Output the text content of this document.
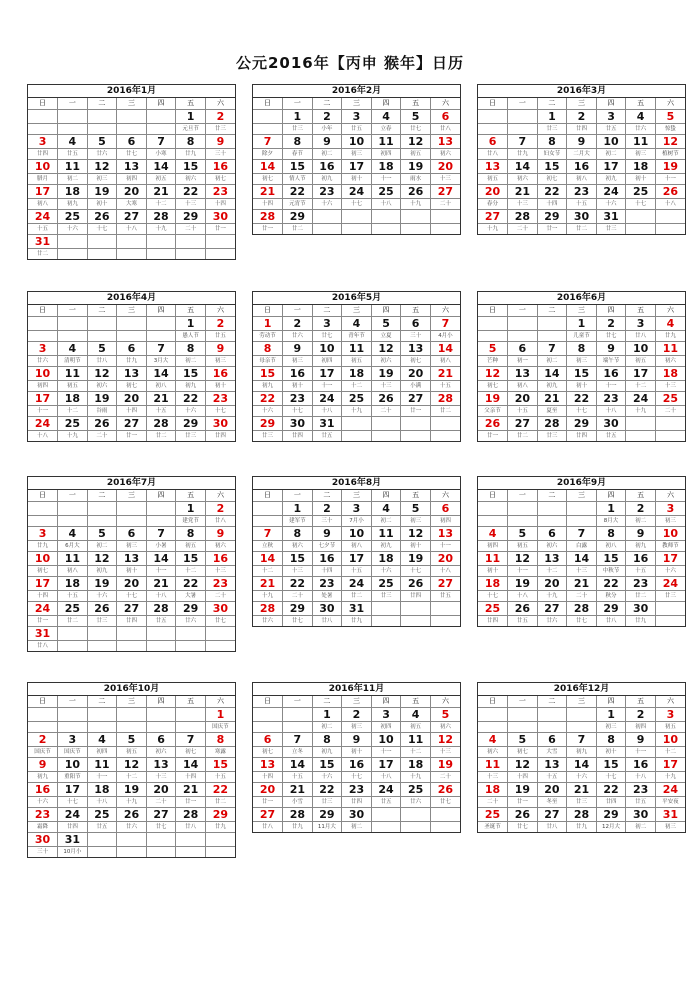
公元2016年【丙申 猴年】日历
2016年1月
日	一	二	三	四	五	六
					1	2
					元旦节	廿三
3	4	5	6	7	8	9
廿四	廿五	廿六	廿七	小寒	廿九	三十
10	11	12	13	14	15	16
腊月	初二	初三	初四	初五	初六	初七
17	18	19	20	21	22	23
初八	初九	初十	大寒	十二	十三	十四
24	25	26	27	28	29	30
十五	十六	十七	十八	十九	二十	廿一
31						
廿二						
2016年2月
日	一	二	三	四	五	六
	1	2	3	4	5	6
	廿三	小年	廿五	立春	廿七	廿八
7	8	9	10	11	12	13
除夕	春节	初二	初三	初四	初五	初六
14	15	16	17	18	19	20
初七	情人节	初九	初十	十一	雨水	十三
21	22	23	24	25	26	27
十四	元宵节	十六	十七	十八	十九	二十
28	29					
廿一	廿二					
2016年3月
日	一	二	三	四	五	六
		1	2	3	4	5
		廿三	廿四	廿五	廿六	惊蛰
6	7	8	9	10	11	12
廿八	廿九	妇女节	二月大	初二	初三	植树节
13	14	15	16	17	18	19
初五	初六	初七	初八	初九	初十	十一
20	21	22	23	24	25	26
春分	十三	十四	十五	十六	十七	十八
27	28	29	30	31		
十九	二十	廿一	廿二	廿三		
2016年4月
日	一	二	三	四	五	六
					1	2
					愚人节	廿五
3	4	5	6	7	8	9
廿六	清明节	廿八	廿九	3月大	初二	初三
10	11	12	13	14	15	16
初四	初五	初六	初七	初八	初九	初十
17	18	19	20	21	22	23
十一	十二	谷雨	十四	十五	十六	十七
24	25	26	27	28	29	30
十八	十九	二十	廿一	廿二	廿三	廿四
2016年5月
日	一	二	三	四	五	六
1	2	3	4	5	6	7
劳动节	廿六	廿七	青年节	立夏	三十	4月小
8	9	10	11	12	13	14
母亲节	初三	初四	初五	初六	初七	初八
15	16	17	18	19	20	21
初九	初十	十一	十二	十三	小满	十五
22	23	24	25	26	27	28
十六	十七	十八	十九	二十	廿一	廿二
29	30	31				
廿三	廿四	廿五				
2016年6月
日	一	二	三	四	五	六
			1	2	3	4
			儿童节	廿七	廿八	廿九
5	6	7	8	9	10	11
芒种	初一	初二	初三	端午节	初五	初六
12	13	14	15	16	17	18
初七	初八	初九	初十	十一	十二	十三
19	20	21	22	23	24	25
父亲节	十五	夏至	十七	十八	十九	二十
26	27	28	29	30		
廿一	廿二	廿三	廿四	廿五		
2016年7月
日	一	二	三	四	五	六
					1	2
					建党节	廿八
3	4	5	6	7	8	9
廿九	6月大	初二	初三	小暑	初五	初六
10	11	12	13	14	15	16
初七	初八	初九	初十	十一	十二	十三
17	18	19	20	21	22	23
十四	十五	十六	十七	十八	大暑	二十
24	25	26	27	28	29	30
廿一	廿二	廿三	廿四	廿五	廿六	廿七
31						
廿八						
2016年8月
日	一	二	三	四	五	六
	1	2	3	4	5	6
	建军节	三十	7月小	初二	初三	初四
7	8	9	10	11	12	13
立秋	初六	七夕节	初八	初九	初十	十一
14	15	16	17	18	19	20
十二	十三	十四	十五	十六	十七	十八
21	22	23	24	25	26	27
十九	二十	处暑	廿二	廿三	廿四	廿五
28	29	30	31			
廿六	廿七	廿八	廿九			
2016年9月
日	一	二	三	四	五	六
				1	2	3
				8月大	初二	初三
4	5	6	7	8	9	10
初四	初五	初六	白露	初八	初九	教师节
11	12	13	14	15	16	17
初十	十一	十二	十三	中秋节	十五	十六
18	19	20	21	22	23	24
十七	十八	十九	二十	秋分	廿二	廿三
25	26	27	28	29	30	
廿四	廿五	廿六	廿七	廿八	廿九	
2016年10月
日	一	二	三	四	五	六
						1
						国庆节
2	3	4	5	6	7	8
国庆节	国庆节	初四	初五	初六	初七	寒露
9	10	11	12	13	14	15
初九	重阳节	十一	十二	十三	十四	十五
16	17	18	19	20	21	22
十六	十七	十八	十九	二十	廿一	廿二
23	24	25	26	27	28	29
霜降	廿四	廿五	廿六	廿七	廿八	廿九
30	31					
三十	10月小					
2016年11月
日	一	二	三	四	五	六
		1	2	3	4	5
		初二	初三	初四	初五	初六
6	7	8	9	10	11	12
初七	立冬	初九	初十	十一	十二	十三
13	14	15	16	17	18	19
十四	十五	十六	十七	十八	十九	二十
20	21	22	23	24	25	26
廿一	小雪	廿三	廿四	廿五	廿六	廿七
27	28	29	30			
廿八	廿九	11月大	初二			
2016年12月
日	一	二	三	四	五	六
				1	2	3
				初三	初四	初五
4	5	6	7	8	9	10
初六	初七	大雪	初九	初十	十一	十二
11	12	13	14	15	16	17
十三	十四	十五	十六	十七	十八	十九
18	19	20	21	22	23	24
二十	廿一	冬至	廿三	廿四	廿五	平安夜
25	26	27	28	29	30	31
圣诞节	廿七	廿八	廿九	12月大	初二	初三
